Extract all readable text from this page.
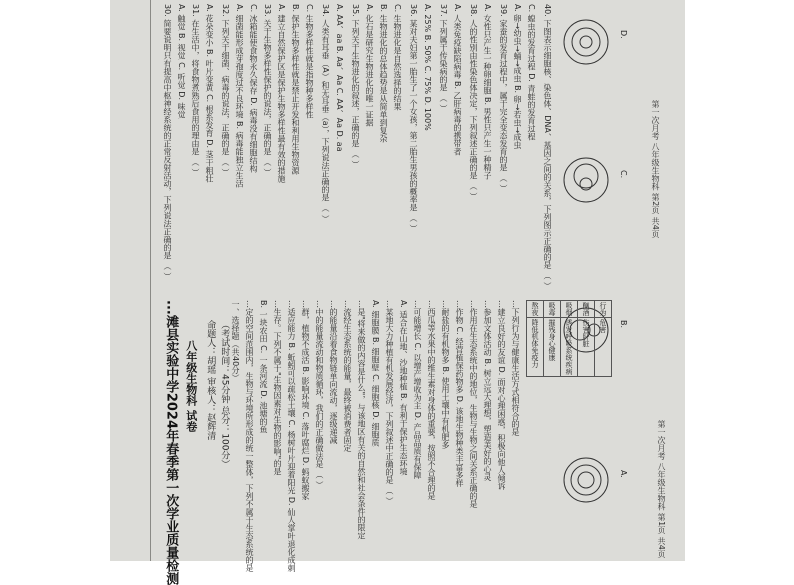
30. 简要说明只有提高中枢神经系统的正常反射活动，下列说法正确的是 （ ） A. 触觉 B. 视觉 C. 听觉 D. 味觉 31. 在生活中，将食物煮熟后食用的理由是 （ ） A. 花朵变小 B. 叶片变黄 C. 根系发育 D. 茎干粗壮 32. 下列关于细菌、病毒的说法，正确的是 （ ） A. 细菌能形成芽孢度过不良环境 B. 病毒能独立生活 C. 冰箱能使食物永久保存 D. 病毒没有细胞结构 33. 关于生物多样性保护的说法，正确的是 （ ） A. 建立自然保护区是保护生物多样性最有效的措施 B. 保护生物多样性就是禁止开发和利用生物资源 C. 生物多样性就是指物种多样性 34. 人类有耳垂（A）和无耳垂（a），下列说法正确的是 （ ） A. AA、aa B. Aa、Aa C. AA、Aa D. aa 35. 下列关于生物进化的叙述，正确的是 （ ） A. 化石是研究生物进化的唯一证据 B. 生物进化的总体趋势是从简单到复杂 C. 生物进化是自然选择的结果 36. 某对夫妇第一胎生了一个女孩，第二胎生男孩的概率是 （ ） A. 25% B. 50% C. 75% D. 100% 37. 下列属于传染病的是 （ ） A. 人类免疫缺陷病毒 B. 乙肝病毒的携带者 38. 人的性别由性染色体决定，下列叙述正确的是 （ ） A. 女性只产生一种卵细胞 B. 男性只产生一种精子 39. 家蚕的发育过程中，属于完全变态发育的是 （ ） A. 卵→幼虫→蛹→成虫 B. 卵→若虫→成虫 C. 蝗虫的发育过程 D. 青蛙的发育过程 40. 下图表示细胞核、染色体、DNA、基因之间的关系，下列图示正确的是 （ ）	D.
C.
B.
A.
第一次月考 八年级生物科 第2页 共4页
...滩县实验中学2024年春季第一次学业质量检测 八年级生物科 试卷 命题人：胡瑶 审核人：赵辉清 （考试时间：45分钟 总分：100分） 一、选择题（共40分） …定的空间范围内，生物与环境所形成的统一整体，下列不属于生态系统的是 B. 一块农田 C. 一条河流 D. 池塘的鱼 …生存。下列不属于"生物因素对生物的影响"的是 …适应能力 B. 蚯蚓可以疏松土壤 C. 杨树叶片迎着阳光 D. 仙人掌叶退化成刺 …群，植物不成活 B. 影响环境 C. 落叶腐烂 D. 蚂蚁搬家 …中的能量流动和物质循环，我们的正确做法是 （ ） …的能量沿着食物链单向流动，逐级递减 …流经生态系统的能量，最终被消费者固定 …是"将来做的内容是什么"，与该地区有关的自然和社会条件的限定 A. 细胞膜 B. 细胞壁 C. 细胞核 D. 细胞质 …某地大力种植有机发展经济，下列叙述中正确的是 （ ） A. 适合在山地、沙地种植 B. 有利于保护生态环境 …可能增长 C. 以增产增收为主 D. 产品品质有保障 …西瓜等水果中的维生素对身体的重要，按照不合理的是 …耐盐的有机物多 B. 使用土壤中有机肥多 …作物 C. 经营植保药物多 D. 该地生物种类丰富多样 …作用在生态系统中的地位，生物与生物之间关系正确的是 …参加文体活动 B. 树立远大理想，塑造美好的心灵 …建立良好的友谊 D. 面对心理困惑，积极向他人倾诉 …下列行为与健康生活方式相符合的是	行为	危害
酗酒	伤害肝脏
吸烟	诱发呼吸系统疾病
吸毒	摧残身心健康
熬夜	降低机体免疫力
第一次月考 八年级生物科 第1页 共4页
